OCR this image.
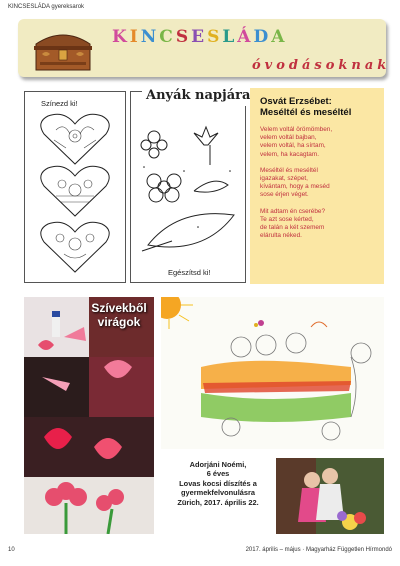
KINCSESLÁDA gyereksarok
KINCSESLÁDA
óvodásoknak
Színezd ki!
Anyák napjára
Egészítsd ki!
Osvát Erzsébet:
Meséltél és meséltél

Velem voltál örömömben,
velem voltál bajban,
velem voltál, ha sírtam,
velem, ha kacagtam.

Meséltél és meséltél
igazakat, szépet,
kívántam, hogy a meséd
sose érjen véget.

Mit adtam én cserébe?
Te azt sose kérted,
de talán a két szemem
elárulta néked.

Szívekből
virágok
Adorjáni Noémi,
6 éves
Lovas kocsi díszítés a
gyermekfelvonulásra
Zürich, 2017. április 22.
10	2017. április – május · Magyarház Független Hírmondó
